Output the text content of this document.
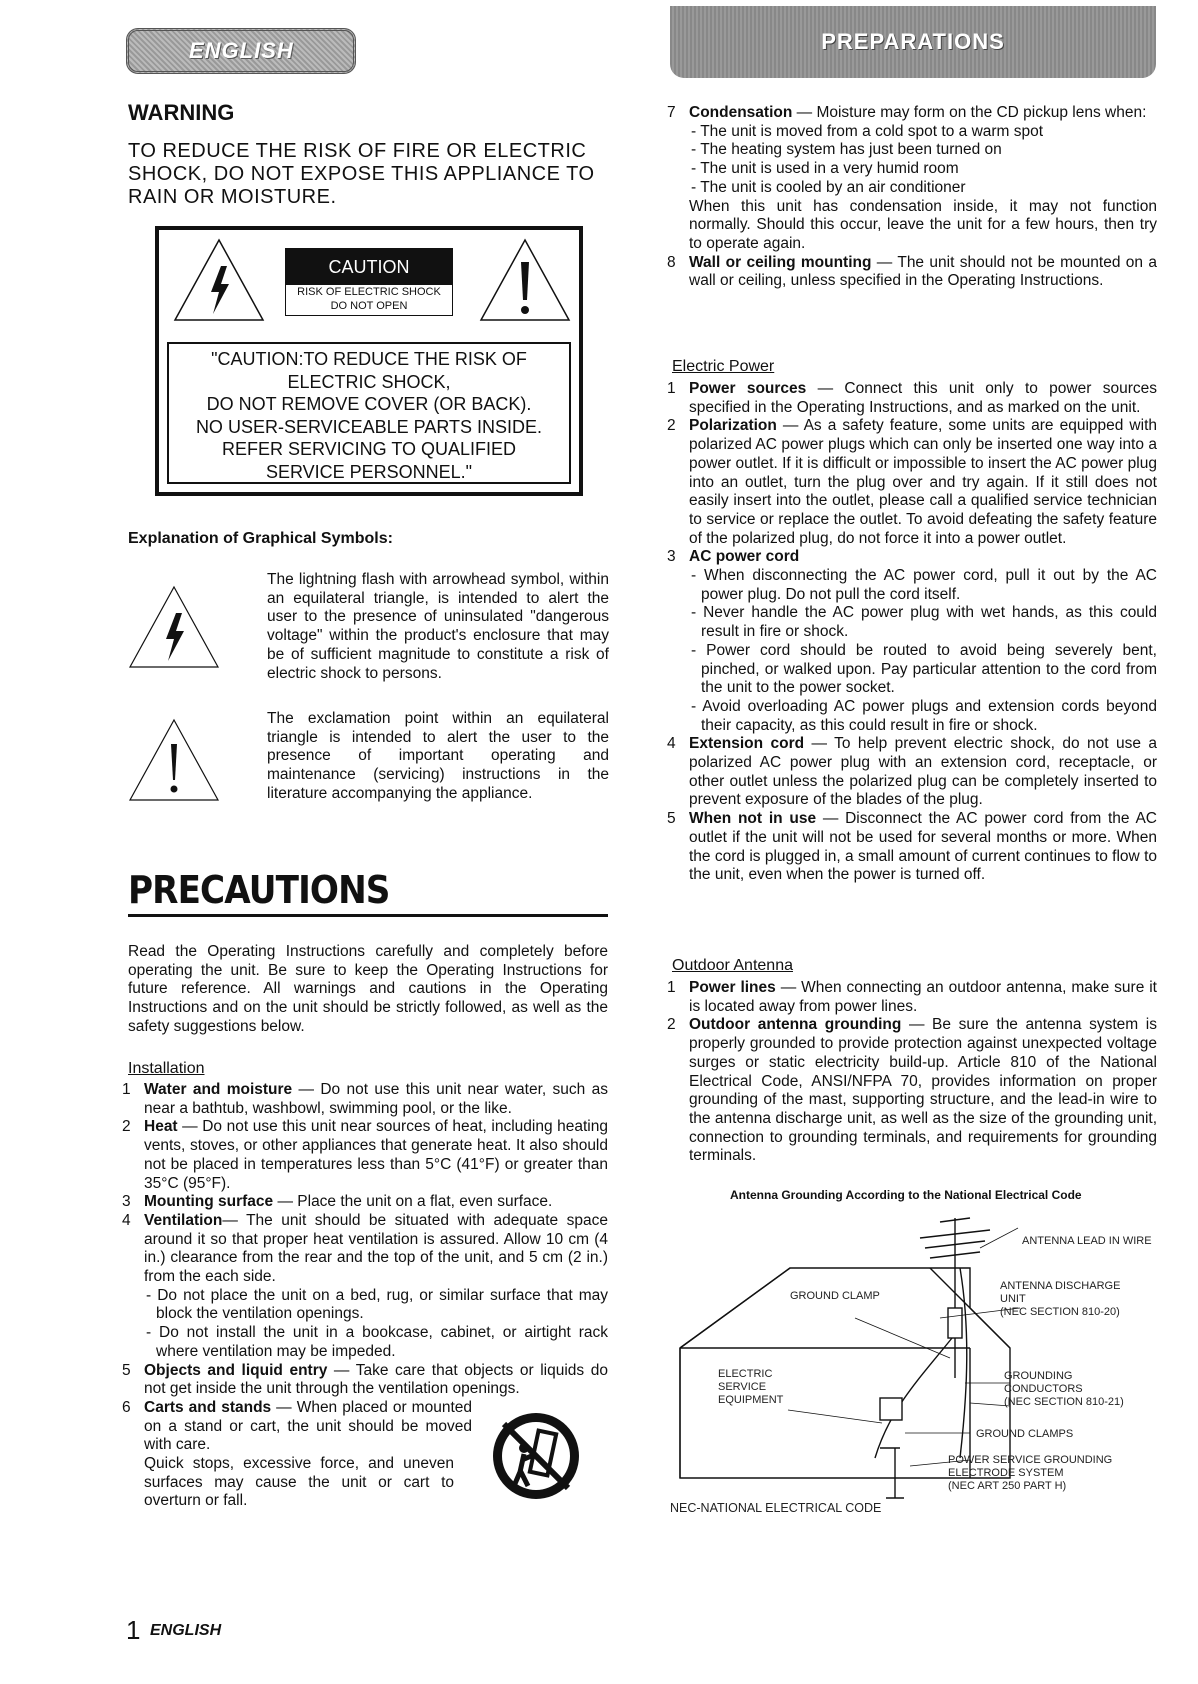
ENGLISH	PREPARATIONS
WARNING
TO REDUCE THE RISK OF FIRE OR ELECTRIC SHOCK, DO NOT EXPOSE THIS APPLIANCE TO RAIN OR MOISTURE.
"CAUTION:TO REDUCE THE RISK OF
ELECTRIC SHOCK,
DO NOT REMOVE COVER (OR BACK).
NO USER-SERVICEABLE PARTS INSIDE.
REFER SERVICING TO QUALIFIED
SERVICE PERSONNEL."
CAUTION
RISK OF ELECTRIC SHOCK
DO NOT OPEN
Explanation of Graphical Symbols:
The lightning flash with arrowhead symbol, within an equilateral triangle, is intended to alert the user to the presence of uninsulated "dangerous voltage" within the product's enclosure that may be of sufficient magnitude to constitute a risk of electric shock to persons.
The exclamation point within an equilateral triangle is intended to alert the user to the presence of important operating and maintenance (servicing) instructions in the literature accompanying the appliance.
PRECAUTIONS
Read the Operating Instructions carefully and completely before operating the unit. Be sure to keep the Operating Instructions for future reference. All warnings and cautions in the Operating Instructions and on the unit should be strictly followed, as well as the safety suggestions below.
Installation
1 Water and moisture — Do not use this unit near water, such as near a bathtub, washbowl, swimming pool, or the like.
2 Heat — Do not use this unit near sources of heat, including heating vents, stoves, or other appliances that generate heat. It also should not be placed in temperatures less than 5°C (41°F) or greater than 35°C (95°F).
3 Mounting surface — Place the unit on a flat, even surface.
4 Ventilation— The unit should be situated with adequate space around it so that proper heat ventilation is assured. Allow 10 cm (4 in.) clearance from the rear and the top of the unit, and 5 cm (2 in.) from the each side.
- Do not place the unit on a bed, rug, or similar surface that may block the ventilation openings.
- Do not install the unit in a bookcase, cabinet, or airtight rack where ventilation may be impeded.
5 Objects and liquid entry — Take care that objects or liquids do not get inside the unit through the ventilation openings.
6 Carts and stands — When placed or mounted on a stand or cart, the unit should be moved with care.
Quick stops, excessive force, and uneven surfaces may cause the unit or cart to overturn or fall.
7 Condensation — Moisture may form on the CD pickup lens when:
- The unit is moved from a cold spot to a warm spot
- The heating system has just been turned on
- The unit is used in a very humid room
- The unit is cooled by an air conditioner
When this unit has condensation inside, it may not function normally. Should this occur, leave the unit for a few hours, then try to operate again.
8 Wall or ceiling mounting — The unit should not be mounted on a wall or ceiling, unless specified in the Operating Instructions.
Electric Power
1 Power sources — Connect this unit only to power sources specified in the Operating Instructions, and as marked on the unit.
2 Polarization — As a safety feature, some units are equipped with polarized AC power plugs which can only be inserted one way into a power outlet. If it is difficult or impossible to insert the AC power plug into an outlet, turn the plug over and try again. If it still does not easily insert into the outlet, please call a qualified service technician to service or replace the outlet. To avoid defeating the safety feature of the polarized plug, do not force it into a power outlet.
3 AC power cord
- When disconnecting the AC power cord, pull it out by the AC power plug. Do not pull the cord itself.
- Never handle the AC power plug with wet hands, as this could result in fire or shock.
- Power cord should be routed to avoid being severely bent, pinched, or walked upon. Pay particular attention to the cord from the unit to the power socket.
- Avoid overloading AC power plugs and extension cords beyond their capacity, as this could result in fire or shock.
4 Extension cord — To help prevent electric shock, do not use a polarized AC power plug with an extension cord, receptacle, or other outlet unless the polarized plug can be completely inserted to prevent exposure of the blades of the plug.
5 When not in use — Disconnect the AC power cord from the AC outlet if the unit will not be used for several months or more. When the cord is plugged in, a small amount of current continues to flow to the unit, even when the power is turned off.
Outdoor Antenna
1 Power lines — When connecting an outdoor antenna, make sure it is located away from power lines.
2 Outdoor antenna grounding — Be sure the antenna system is properly grounded to provide protection against unexpected voltage surges or static electricity build-up. Article 810 of the National Electrical Code, ANSI/NFPA 70, provides information on proper grounding of the mast, supporting structure, and the lead-in wire to the antenna discharge unit, as well as the size of the grounding unit, connection to grounding terminals, and requirements for grounding terminals.
Antenna Grounding According to the National Electrical Code
ANTENNA LEAD IN WIRE
GROUND CLAMP
ANTENNA DISCHARGE
UNIT
(NEC SECTION 810-20)
ELECTRIC
SERVICE
EQUIPMENT
GROUNDING
CONDUCTORS
(NEC SECTION 810-21)
GROUND CLAMPS
POWER SERVICE GROUNDING
ELECTRODE SYSTEM
(NEC ART 250 PART H)
NEC-NATIONAL ELECTRICAL CODE
1 ENGLISH
